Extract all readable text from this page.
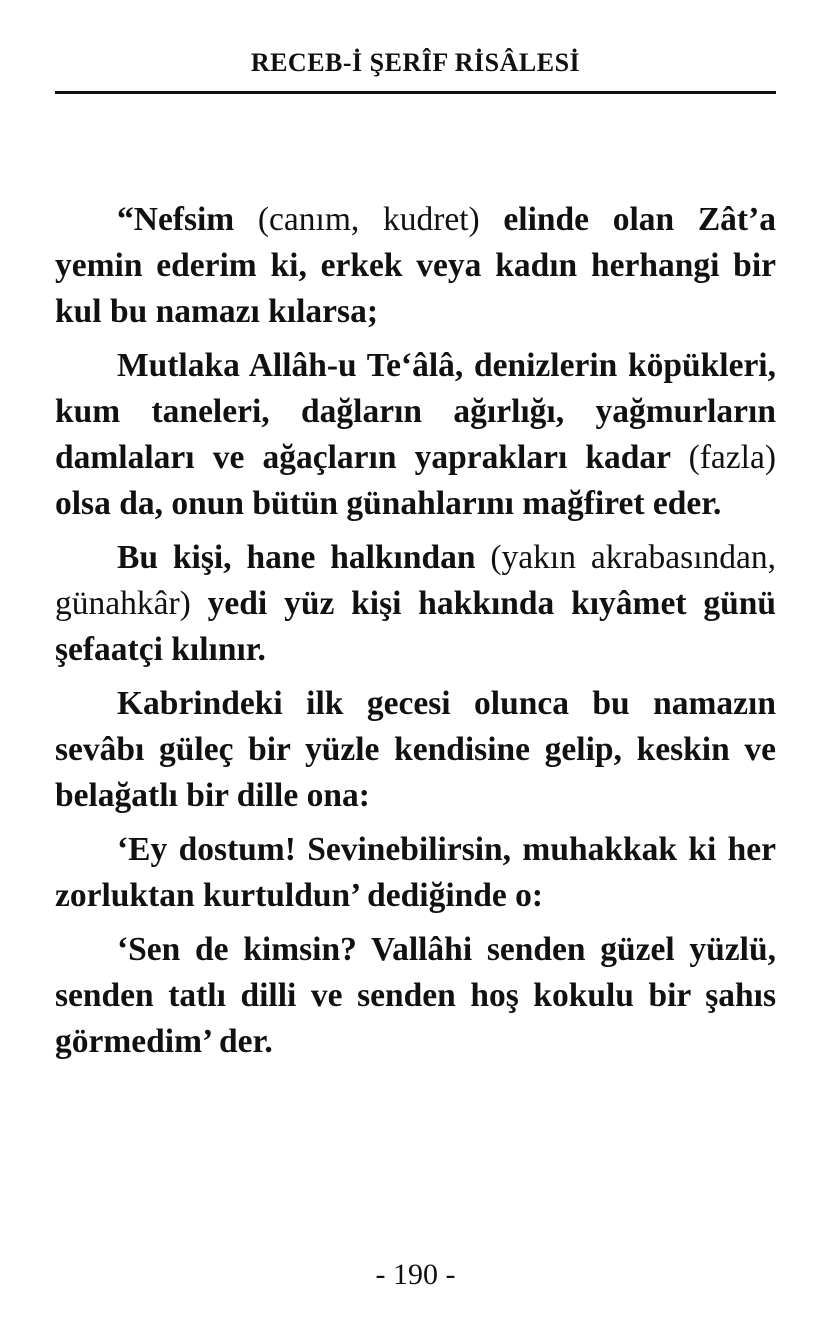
RECEB-İ ŞERÎF RİSÂLESİ

“Nefsim (canım, kudret) elinde olan Zât’a yemin ederim ki, erkek veya kadın herhangi bir kul bu namazı kılarsa;

Mutlaka Allâh-u Te‘âlâ, denizlerin köpükleri, kum taneleri, dağların ağırlığı, yağmurların damlaları ve ağaçların yaprakları kadar (fazla) olsa da, onun bütün günahlarını mağfiret eder.

Bu kişi, hane halkından (yakın akrabasından, günahkâr) yedi yüz kişi hakkında kıyâmet günü şefaatçi kılınır.

Kabrindeki ilk gecesi olunca bu namazın sevâbı güleç bir yüzle kendisine gelip, keskin ve belağatlı bir dille ona:

‘Ey dostum! Sevinebilirsin, muhakkak ki her zorluktan kurtuldun’ dediğinde o:

‘Sen de kimsin? Vallâhi senden güzel yüzlü, senden tatlı dilli ve senden hoş kokulu bir şahıs görmedim’ der.

- 190 -
